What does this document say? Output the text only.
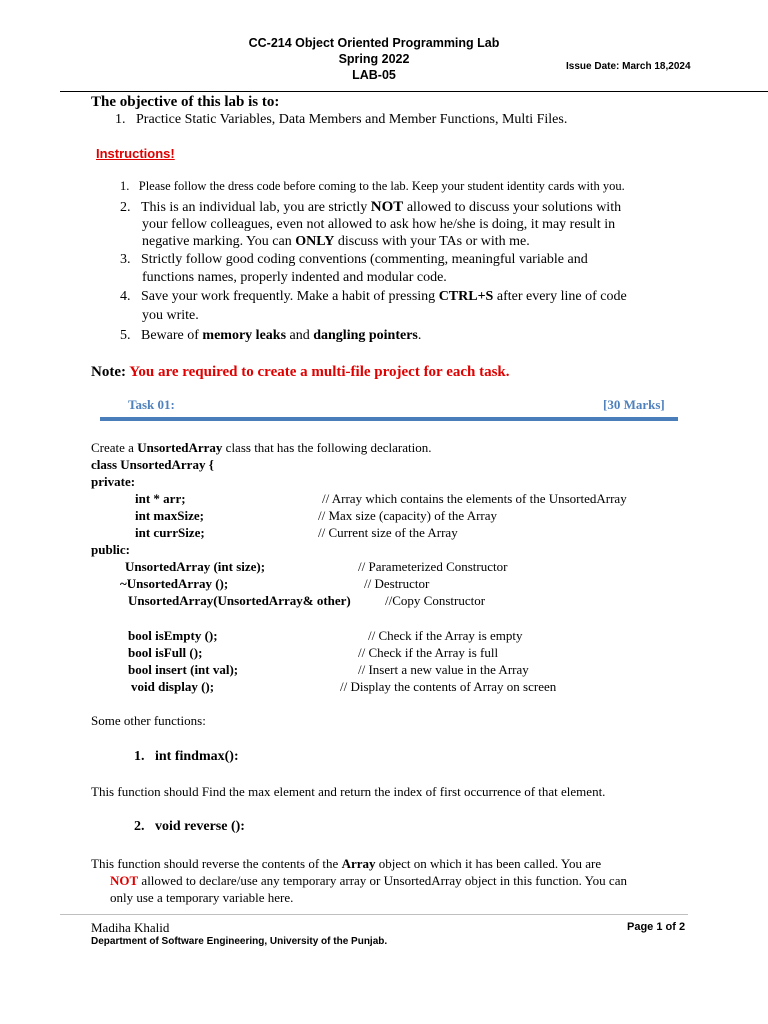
CC-214 Object Oriented Programming Lab
Spring 2022
LAB-05
Issue Date: March 18,2024
The objective of this lab is to:
1.   Practice Static Variables, Data Members and Member Functions, Multi Files.
Instructions!
1.   Please follow the dress code before coming to the lab. Keep your student identity cards with you.
2.   This is an individual lab, you are strictly NOT allowed to discuss your solutions with
your fellow colleagues, even not allowed to ask how he/she is doing, it may result in
negative marking. You can ONLY discuss with your TAs or with me.
3.   Strictly follow good coding conventions (commenting, meaningful variable and
functions names, properly indented and modular code.
4.   Save your work frequently. Make a habit of pressing CTRL+S after every line of code
you write.
5.   Beware of memory leaks and dangling pointers.
Note: You are required to create a multi-file project for each task.
Task 01:	[30 Marks]
Create a UnsortedArray class that has the following declaration.
class UnsortedArray {
private:
int * arr;	// Array which contains the elements of the UnsortedArray
int maxSize;	// Max size (capacity) of the Array
int currSize;	// Current size of the Array
public:
UnsortedArray (int size);	// Parameterized Constructor
~UnsortedArray ();	// Destructor
UnsortedArray(UnsortedArray& other)	//Copy Constructor
bool isEmpty ();	// Check if the Array is empty
bool isFull ();	// Check if the Array is full
bool insert (int val);	// Insert a new value in the Array
void display ();	// Display the contents of Array on screen
Some other functions:
1. int findmax():
This function should Find the max element and return the index of first occurrence of that element.
2. void reverse ():
This function should reverse the contents of the Array object on which it has been called. You are
NOT allowed to declare/use any temporary array or UnsortedArray object in this function. You can
only use a temporary variable here.
Madiha Khalid	Page 1 of 2
Department of Software Engineering, University of the Punjab.
